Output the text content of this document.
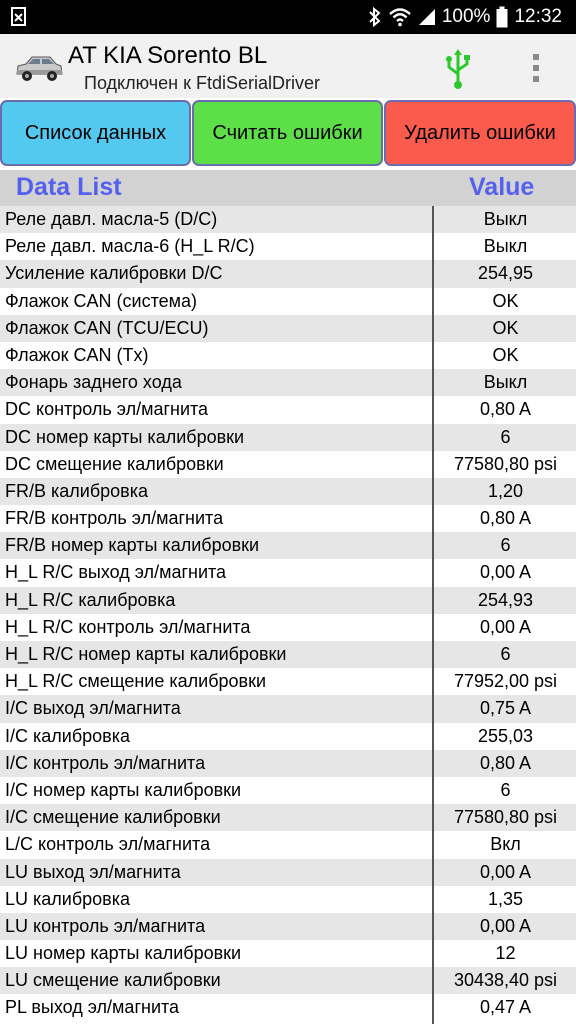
100% 12:32
AT KIA Sorento BL
Подключен к FtdiSerialDriver
Список данных	Считать ошибки	Удалить ошибки
Data List	Value
Реле давл. масла-5 (D/C)	Выкл
Реле давл. масла-6 (H_L R/C)	Выкл
Усиление калибровки D/C	254,95
Флажок CAN (система)	OK
Флажок CAN (TCU/ECU)	OK
Флажок CAN (Tx)	OK
Фонарь заднего хода	Выкл
DC контроль эл/магнита	0,80 A
DC номер карты калибровки	6
DC смещение калибровки	77580,80 psi
FR/B калибровка	1,20
FR/B контроль эл/магнита	0,80 A
FR/B номер карты калибровки	6
H_L R/C выход эл/магнита	0,00 A
H_L R/C калибровка	254,93
H_L R/C контроль эл/магнита	0,00 A
H_L R/C номер карты калибровки	6
H_L R/C смещение калибровки	77952,00 psi
I/C выход эл/магнита	0,75 A
I/C калибровка	255,03
I/C контроль эл/магнита	0,80 A
I/C номер карты калибровки	6
I/C смещение калибровки	77580,80 psi
L/C контроль эл/магнита	Вкл
LU выход эл/магнита	0,00 A
LU калибровка	1,35
LU контроль эл/магнита	0,00 A
LU номер карты калибровки	12
LU смещение калибровки	30438,40 psi
PL выход эл/магнита	0,47 A
